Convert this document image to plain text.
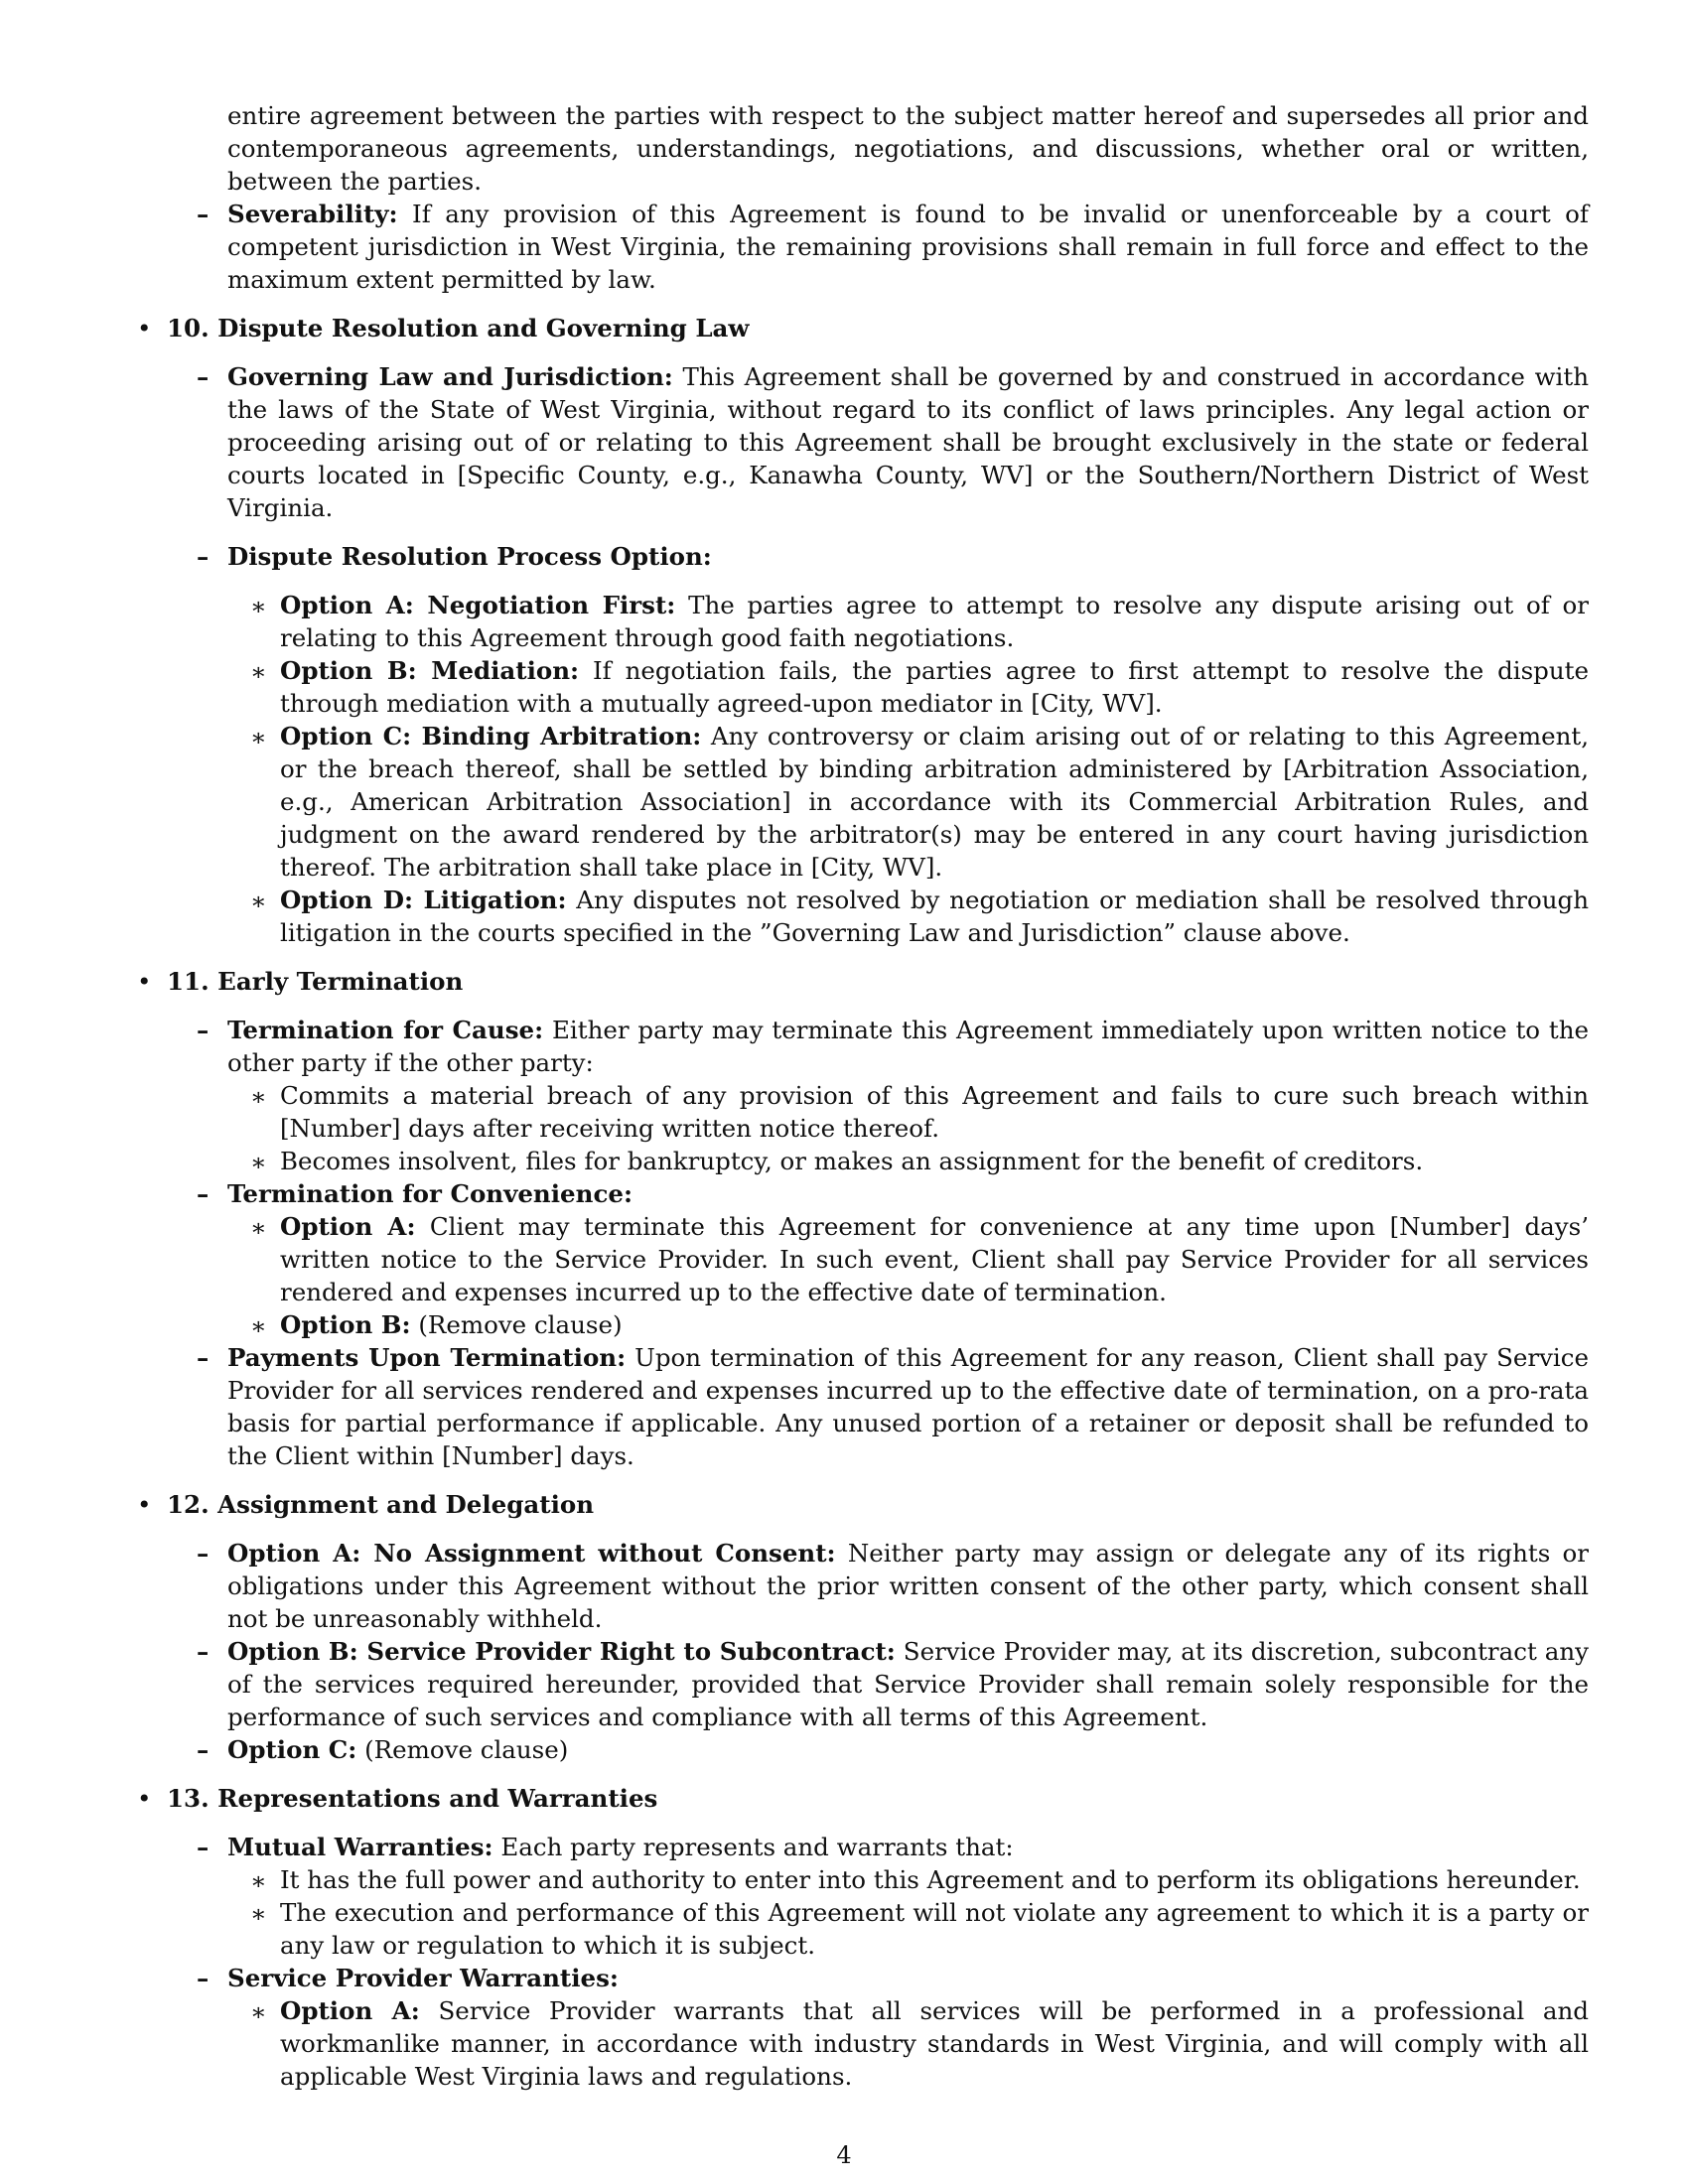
entire agreement between the parties with respect to the subject matter hereof and supersedes all prior and contemporaneous agreements, understandings, negotiations, and discussions, whether oral or written, between the parties.
– Severability: If any provision of this Agreement is found to be invalid or unenforceable by a court of competent jurisdiction in West Virginia, the remaining provisions shall remain in full force and effect to the maximum extent permitted by law.
• 10. Dispute Resolution and Governing Law
– Governing Law and Jurisdiction: This Agreement shall be governed by and construed in accordance with the laws of the State of West Virginia, without regard to its conflict of laws principles. Any legal action or proceeding arising out of or relating to this Agreement shall be brought exclusively in the state or federal courts located in [Specific County, e.g., Kanawha County, WV] or the Southern/Northern District of West Virginia.
– Dispute Resolution Process Option:
∗ Option A: Negotiation First: The parties agree to attempt to resolve any dispute arising out of or relating to this Agreement through good faith negotiations.
∗ Option B: Mediation: If negotiation fails, the parties agree to first attempt to resolve the dispute through mediation with a mutually agreed-upon mediator in [City, WV].
∗ Option C: Binding Arbitration: Any controversy or claim arising out of or relating to this Agreement, or the breach thereof, shall be settled by binding arbitration administered by [Arbitration Association, e.g., American Arbitration Association] in accordance with its Commercial Arbitration Rules, and judgment on the award rendered by the arbitrator(s) may be entered in any court having jurisdiction thereof. The arbitration shall take place in [City, WV].
∗ Option D: Litigation: Any disputes not resolved by negotiation or mediation shall be resolved through litigation in the courts specified in the ”Governing Law and Jurisdiction” clause above.
• 11. Early Termination
– Termination for Cause: Either party may terminate this Agreement immediately upon written notice to the other party if the other party:
∗ Commits a material breach of any provision of this Agreement and fails to cure such breach within [Number] days after receiving written notice thereof.
∗ Becomes insolvent, files for bankruptcy, or makes an assignment for the benefit of creditors.
– Termination for Convenience:
∗ Option A: Client may terminate this Agreement for convenience at any time upon [Number] days’ written notice to the Service Provider. In such event, Client shall pay Service Provider for all services rendered and expenses incurred up to the effective date of termination.
∗ Option B: (Remove clause)
– Payments Upon Termination: Upon termination of this Agreement for any reason, Client shall pay Service Provider for all services rendered and expenses incurred up to the effective date of termination, on a pro-rata basis for partial performance if applicable. Any unused portion of a retainer or deposit shall be refunded to the Client within [Number] days.
• 12. Assignment and Delegation
– Option A: No Assignment without Consent: Neither party may assign or delegate any of its rights or obligations under this Agreement without the prior written consent of the other party, which consent shall not be unreasonably withheld.
– Option B: Service Provider Right to Subcontract: Service Provider may, at its discretion, subcontract any of the services required hereunder, provided that Service Provider shall remain solely responsible for the performance of such services and compliance with all terms of this Agreement.
– Option C: (Remove clause)
• 13. Representations and Warranties
– Mutual Warranties: Each party represents and warrants that:
∗ It has the full power and authority to enter into this Agreement and to perform its obligations hereunder.
∗ The execution and performance of this Agreement will not violate any agreement to which it is a party or any law or regulation to which it is subject.
– Service Provider Warranties:
∗ Option A: Service Provider warrants that all services will be performed in a professional and workmanlike manner, in accordance with industry standards in West Virginia, and will comply with all applicable West Virginia laws and regulations.
4
